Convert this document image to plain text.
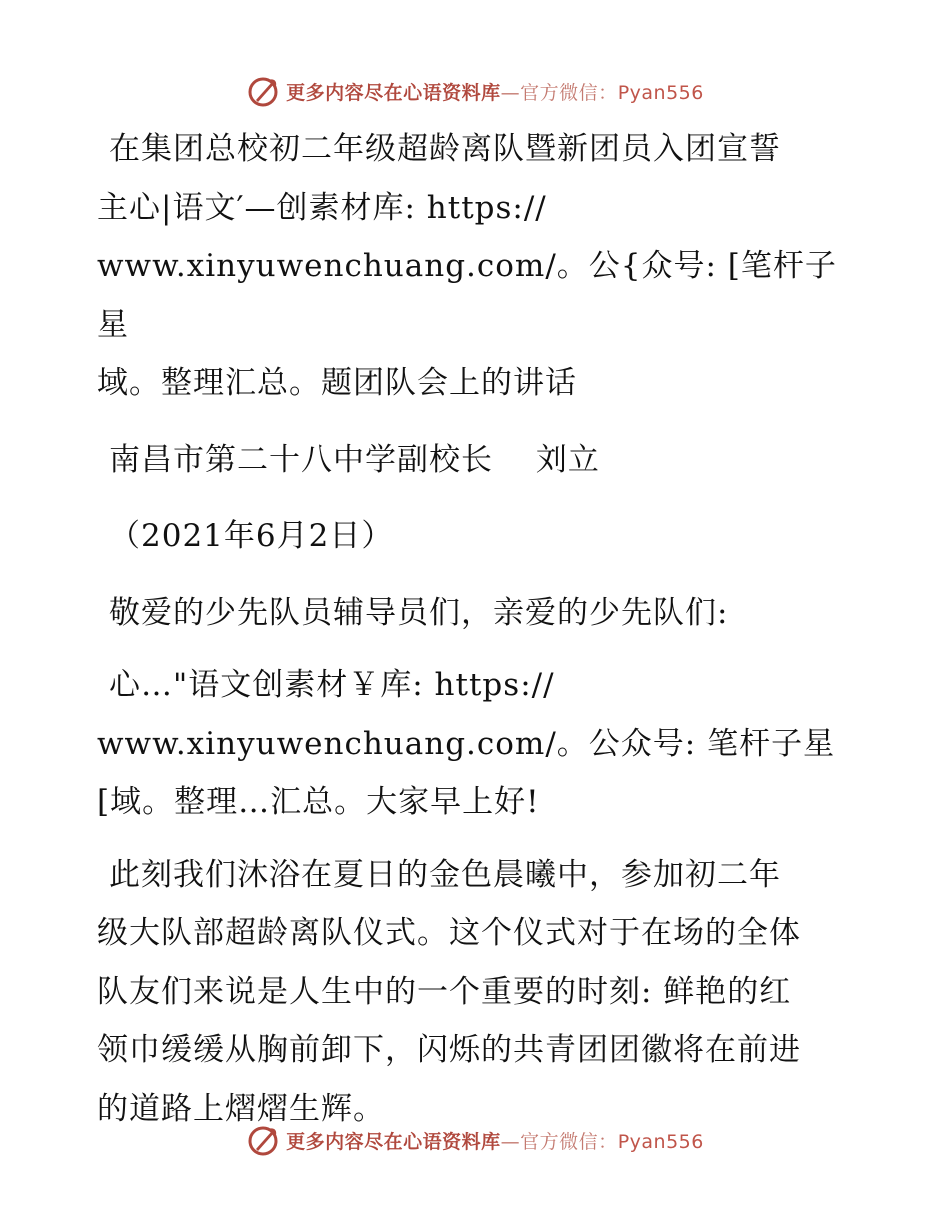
更多内容尽在心语资料库—官方微信：Pyan556

在集团总校初二年级超龄离队暨新团员入团宣誓

主心|语文′—创素材库: https://

www.xinyuwenchuang.com/。公{众号: [笔杆子星

域。整理汇总。题团队会上的讲话

南昌市第二十八中学副校长　 刘立

（2021年6月2日）

敬爱的少先队员辅导员们，亲爱的少先队们:

心…"语文创素材￥库: https://

www.xinyuwenchuang.com/。公众号: 笔杆子星

[域。整理…汇总。大家早上好!

此刻我们沐浴在夏日的金色晨曦中，参加初二年

级大队部超龄离队仪式。这个仪式对于在场的全体

队友们来说是人生中的一个重要的时刻: 鲜艳的红

领巾缓缓从胸前卸下，闪烁的共青团团徽将在前进

的道路上熠熠生辉。

更多内容尽在心语资料库—官方微信：Pyan556
